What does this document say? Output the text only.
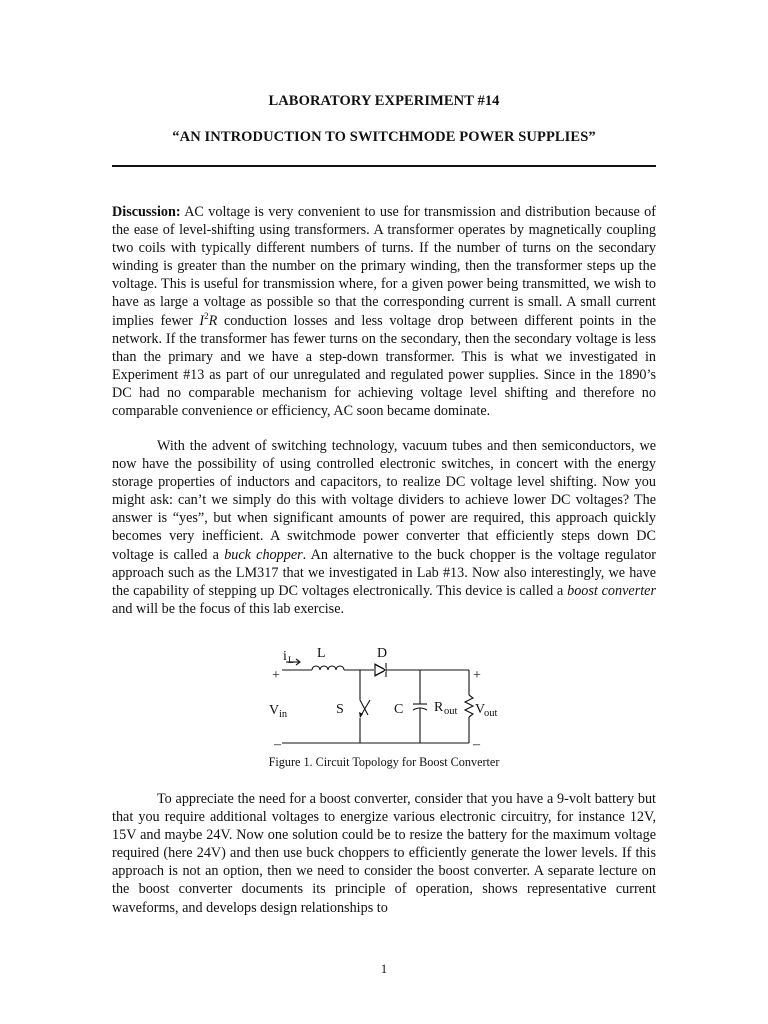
LABORATORY EXPERIMENT #14
“AN INTRODUCTION TO SWITCHMODE POWER SUPPLIES”

Discussion: AC voltage is very convenient to use for transmission and distribution because of the ease of level-shifting using transformers. A transformer operates by magnetically coupling two coils with typically different numbers of turns. If the number of turns on the secondary winding is greater than the number on the primary winding, then the transformer steps up the voltage. This is useful for transmission where, for a given power being transmitted, we wish to have as large a voltage as possible so that the corresponding current is small. A small current implies fewer $I^2R$ conduction losses and less voltage drop between different points in the network. If the transformer has fewer turns on the secondary, then the secondary voltage is less than the primary and we have a step-down transformer. This is what we investigated in Experiment #13 as part of our unregulated and regulated power supplies. Since in the 1890’s DC had no comparable mechanism for achieving voltage level shifting and therefore no comparable convenience or efficiency, AC soon became dominate.

With the advent of switching technology, vacuum tubes and then semiconductors, we now have the possibility of using controlled electronic switches, in concert with the energy storage properties of inductors and capacitors, to realize DC voltage level shifting. Now you might ask: can’t we simply do this with voltage dividers to achieve lower DC voltages? The answer is “yes”, but when significant amounts of power are required, this approach quickly becomes very inefficient. A switchmode power converter that efficiently steps down DC voltage is called a buck chopper. An alternative to the buck chopper is the voltage regulator approach such as the LM317 that we investigated in Lab #13. Now also interestingly, we have the capability of stepping up DC voltages electronically. This device is called a boost converter and will be the focus of this lab exercise.

i L L	D
+	+
V in	S	C R out V
out
–	–
Figure 1. Circuit Topology for Boost Converter

To appreciate the need for a boost converter, consider that you have a 9-volt battery but that you require additional voltages to energize various electronic circuitry, for instance 12V, 15V and maybe 24V. Now one solution could be to resize the battery for the maximum voltage required (here 24V) and then use buck choppers to efficiently generate the lower levels. If this approach is not an option, then we need to consider the boost converter. A separate lecture on the boost converter documents its principle of operation, shows representative current waveforms, and develops design relationships to

1
